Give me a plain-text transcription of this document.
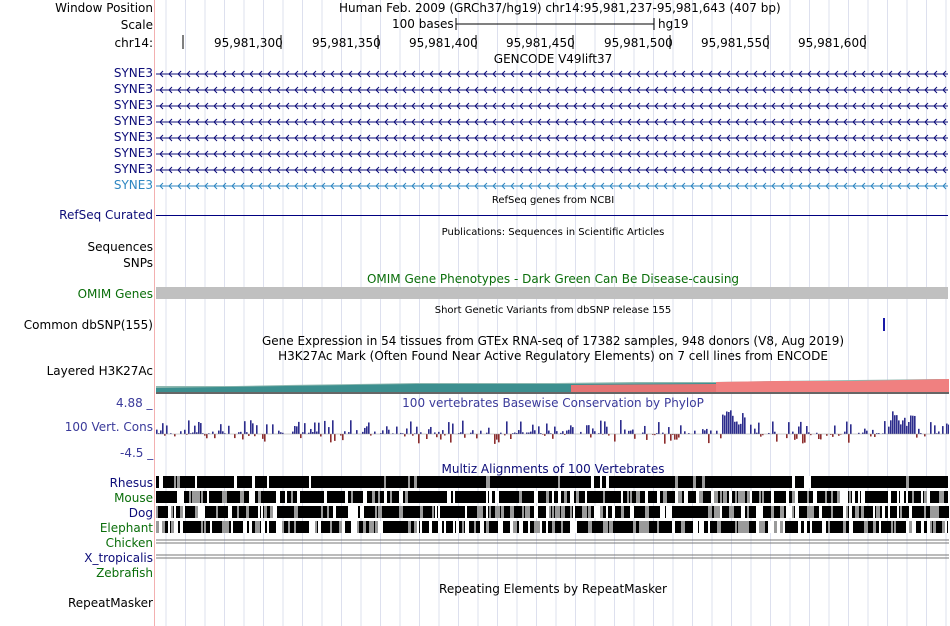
Window Position	Human Feb. 2009 (GRCh37/hg19) chr14:95,981,237-95,981,643 (407 bp)
Scale	100 bases	hg19
chr14:	95,981,300 95,981,350 95,981,400 95,981,450 95,981,500 95,981,550 95,981,600
GENCODE V49lift37
SYNE3
SYNE3
SYNE3
SYNE3
SYNE3
SYNE3
SYNE3
SYNE3
RefSeq genes from NCBI
RefSeq Curated
Publications: Sequences in Scientific Articles
Sequences
SNPs
OMIM Gene Phenotypes - Dark Green Can Be Disease-causing
OMIM Genes
Short Genetic Variants from dbSNP release 155
Common dbSNP(155)
Gene Expression in 54 tissues from GTEx RNA-seq of 17382 samples, 948 donors (V8, Aug 2019)
H3K27Ac Mark (Often Found Near Active Regulatory Elements) on 7 cell lines from ENCODE
Layered H3K27Ac
100 vertebrates Basewise Conservation by PhyloP
4.88 _
100 Vert. Cons
-4.5 _
Multiz Alignments of 100 Vertebrates
Rhesus
Mouse
Dog
Elephant
Chicken
X_tropicalis
Zebrafish
Repeating Elements by RepeatMasker
RepeatMasker
